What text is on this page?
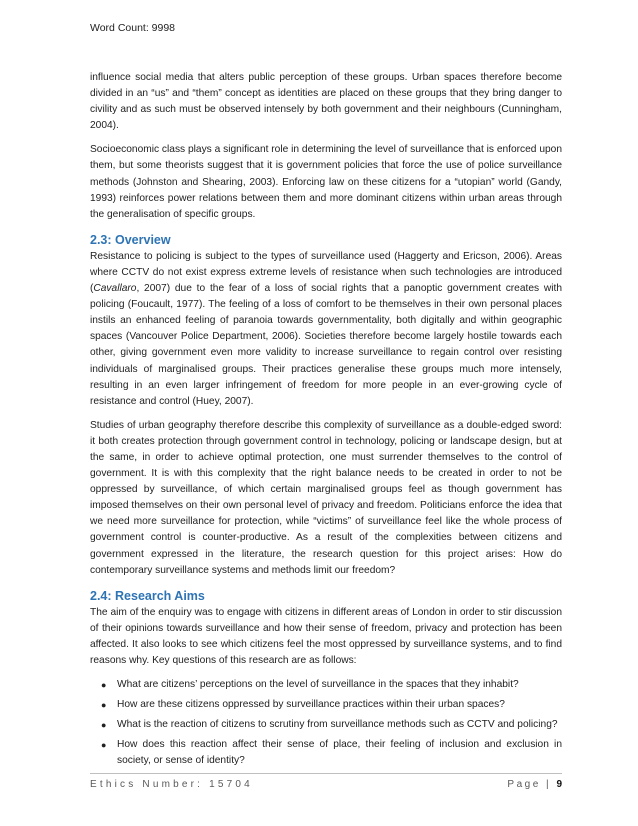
Word Count: 9998

influence social media that alters public perception of these groups. Urban spaces therefore become divided in an “us” and “them” concept as identities are placed on these groups that they bring danger to civility and as such must be observed intensely by both government and their neighbours (Cunningham, 2004).

Socioeconomic class plays a significant role in determining the level of surveillance that is enforced upon them, but some theorists suggest that it is government policies that force the use of police surveillance methods (Johnston and Shearing, 2003). Enforcing law on these citizens for a “utopian” world (Gandy, 1993) reinforces power relations between them and more dominant citizens within urban areas through the generalisation of specific groups.

2.3: Overview

Resistance to policing is subject to the types of surveillance used (Haggerty and Ericson, 2006). Areas where CCTV do not exist express extreme levels of resistance when such technologies are introduced (Cavallaro, 2007) due to the fear of a loss of social rights that a panoptic government creates with policing (Foucault, 1977). The feeling of a loss of comfort to be themselves in their own personal places instils an enhanced feeling of paranoia towards governmentality, both digitally and within geographic spaces (Vancouver Police Department, 2006). Societies therefore become largely hostile towards each other, giving government even more validity to increase surveillance to regain control over resisting individuals of marginalised groups. Their practices generalise these groups much more intensely, resulting in an even larger infringement of freedom for more people in an ever-growing cycle of resistance and control (Huey, 2007).

Studies of urban geography therefore describe this complexity of surveillance as a double-edged sword: it both creates protection through government control in technology, policing or landscape design, but at the same, in order to achieve optimal protection, one must surrender themselves to the control of government. It is with this complexity that the right balance needs to be created in order to not be oppressed by surveillance, of which certain marginalised groups feel as though government has imposed themselves on their own personal level of privacy and freedom. Politicians enforce the idea that we need more surveillance for protection, while “victims” of surveillance feel like the whole process of government control is counter-productive. As a result of the complexities between citizens and government expressed in the literature, the research question for this project arises: How do contemporary surveillance systems and methods limit our freedom?

2.4: Research Aims

The aim of the enquiry was to engage with citizens in different areas of London in order to stir discussion of their opinions towards surveillance and how their sense of freedom, privacy and protection has been affected. It also looks to see which citizens feel the most oppressed by surveillance systems, and to find reasons why. Key questions of this research are as follows:

● What are citizens’ perceptions on the level of surveillance in the spaces that they inhabit?
● How are these citizens oppressed by surveillance practices within their urban spaces?
● What is the reaction of citizens to scrutiny from surveillance methods such as CCTV and policing?
● How does this reaction affect their sense of place, their feeling of inclusion and exclusion in society, or sense of identity?
Ethics Number: 15704	Page | 9
